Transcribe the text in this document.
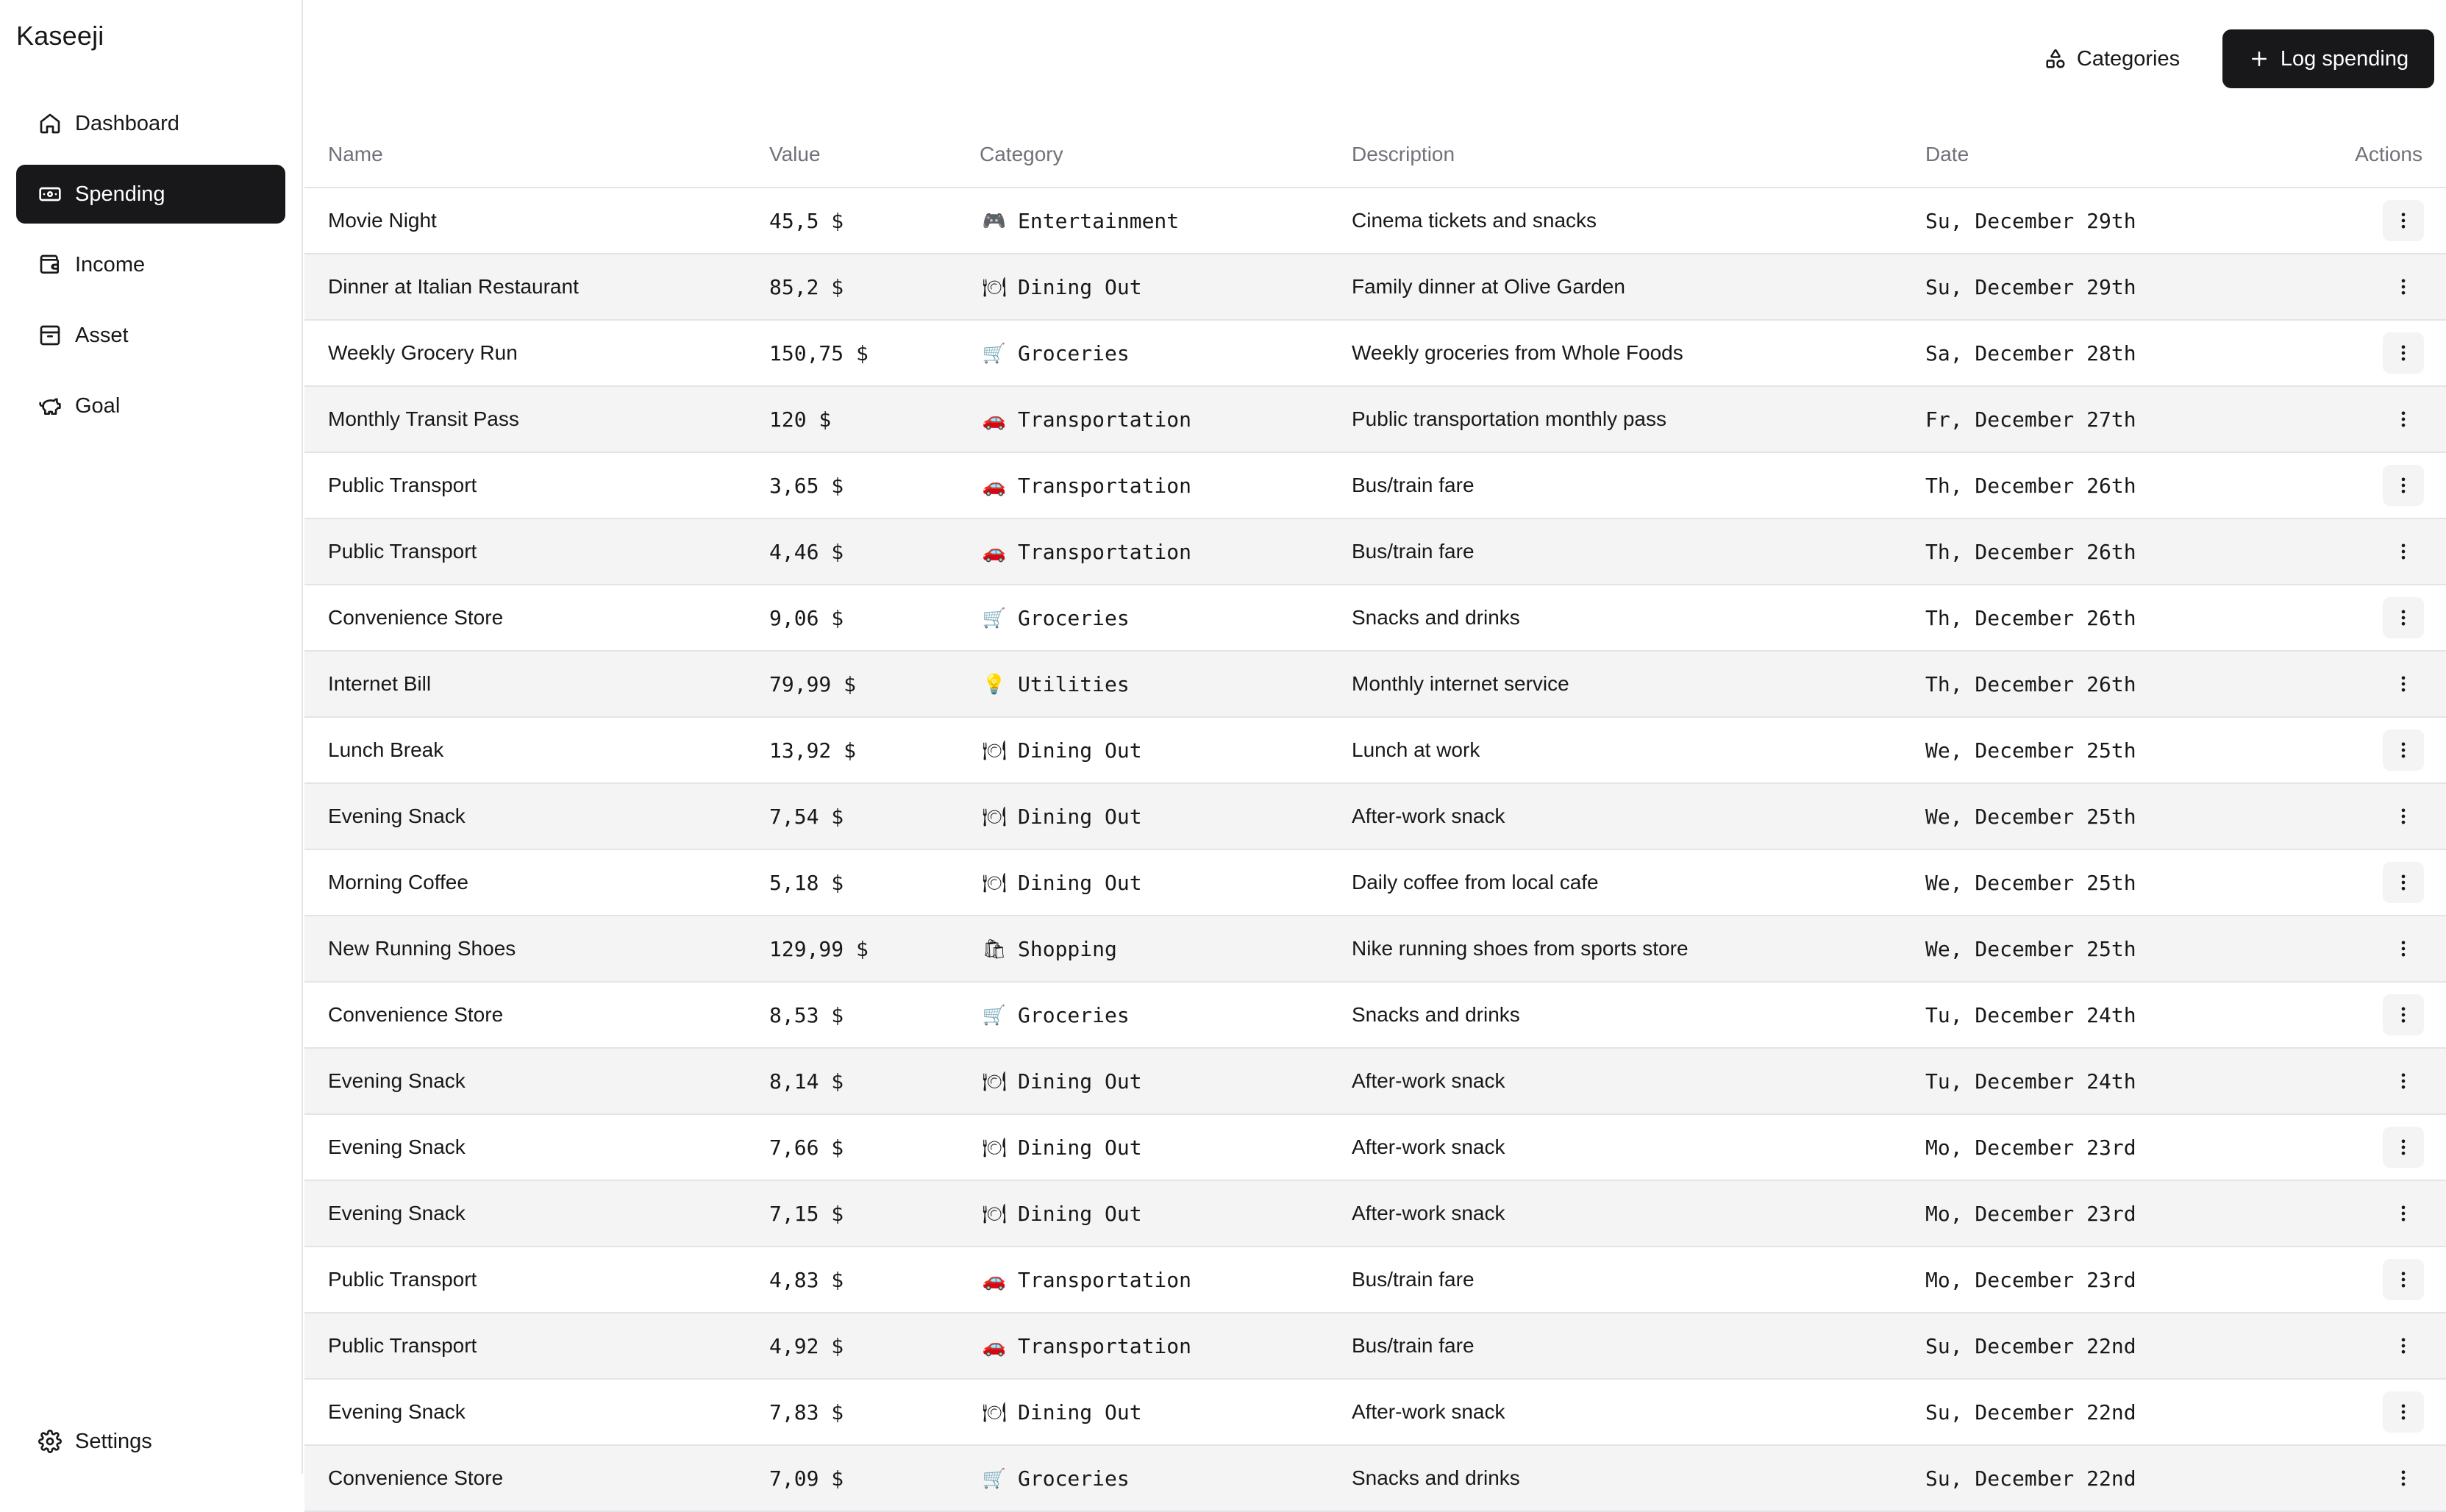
Kaseeji
Dashboard
Spending
Income
Asset
Goal
Settings
Categories	Log spending
Name	Value	Category	Description	Date	Actions
Movie Night	45,5 $	🎮 Entertainment	Cinema tickets and snacks	Su, December 29th
Dinner at Italian Restaurant	85,2 $	🍽 Dining Out	Family dinner at Olive Garden	Su, December 29th
Weekly Grocery Run	150,75 $	🛒 Groceries	Weekly groceries from Whole Foods	Sa, December 28th
Monthly Transit Pass	120 $	🚗 Transportation	Public transportation monthly pass	Fr, December 27th
Public Transport	3,65 $	🚗 Transportation	Bus/train fare	Th, December 26th
Public Transport	4,46 $	🚗 Transportation	Bus/train fare	Th, December 26th
Convenience Store	9,06 $	🛒 Groceries	Snacks and drinks	Th, December 26th
Internet Bill	79,99 $	💡 Utilities	Monthly internet service	Th, December 26th
Lunch Break	13,92 $	🍽 Dining Out	Lunch at work	We, December 25th
Evening Snack	7,54 $	🍽 Dining Out	After-work snack	We, December 25th
Morning Coffee	5,18 $	🍽 Dining Out	Daily coffee from local cafe	We, December 25th
New Running Shoes	129,99 $	🛍 Shopping	Nike running shoes from sports store	We, December 25th
Convenience Store	8,53 $	🛒 Groceries	Snacks and drinks	Tu, December 24th
Evening Snack	8,14 $	🍽 Dining Out	After-work snack	Tu, December 24th
Evening Snack	7,66 $	🍽 Dining Out	After-work snack	Mo, December 23rd
Evening Snack	7,15 $	🍽 Dining Out	After-work snack	Mo, December 23rd
Public Transport	4,83 $	🚗 Transportation	Bus/train fare	Mo, December 23rd
Public Transport	4,92 $	🚗 Transportation	Bus/train fare	Su, December 22nd
Evening Snack	7,83 $	🍽 Dining Out	After-work snack	Su, December 22nd
Convenience Store	7,09 $	🛒 Groceries	Snacks and drinks	Su, December 22nd
